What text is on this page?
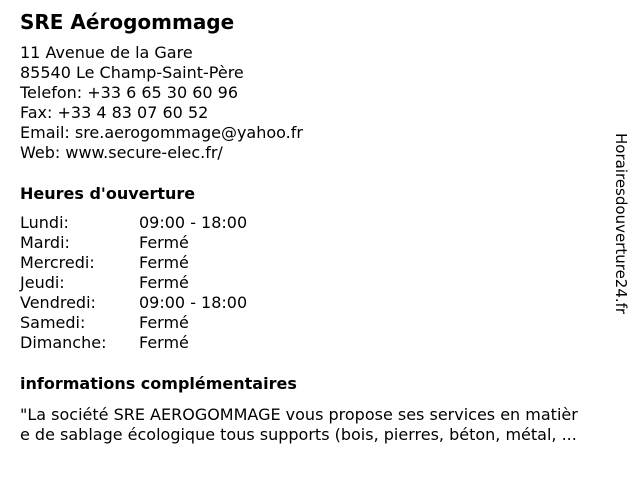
SRE Aérogommage
11 Avenue de la Gare
85540 Le Champ-Saint-Père
Telefon: +33 6 65 30 60 96
Fax: +33 4 83 07 60 52
Email: sre.aerogommage@yahoo.fr
Web: www.secure-elec.fr/
Heures d'ouverture
Lundi:	09:00 - 18:00
Mardi:	Fermé
Mercredi:	Fermé
Jeudi:	Fermé
Vendredi:	09:00 - 18:00
Samedi:	Fermé
Dimanche: Fermé
informations complémentaires
"La société SRE AEROGOMMAGE vous propose ses services en matièr
e de sablage écologique tous supports (bois, pierres, béton, métal, ...
Horairesdouverture24.fr
